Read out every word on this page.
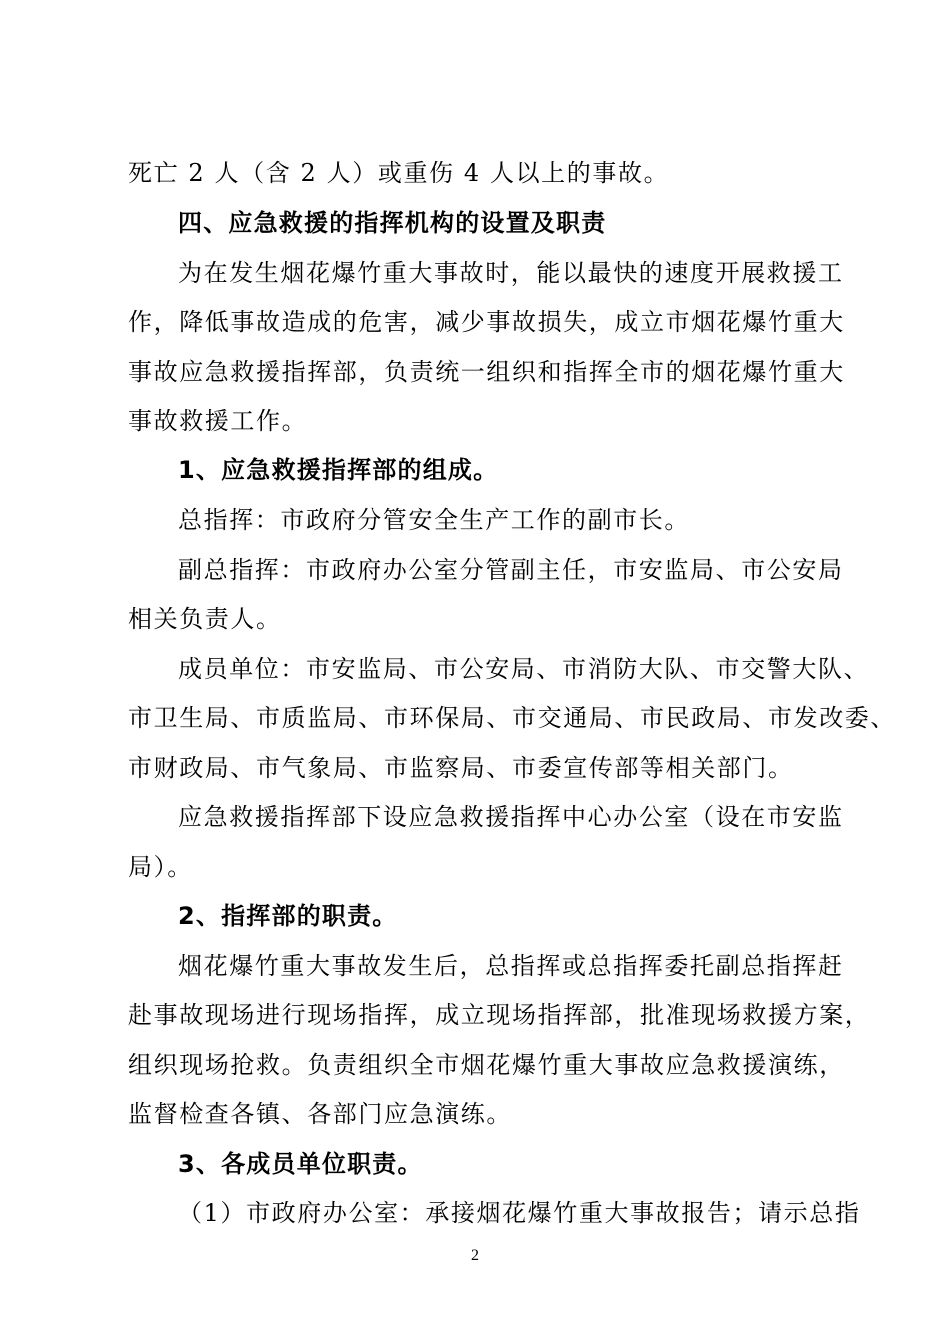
死亡 2 人（含 2 人）或重伤 4 人以上的事故。
四、应急救援的指挥机构的设置及职责
为在发生烟花爆竹重大事故时，能以最快的速度开展救援工
作，降低事故造成的危害，减少事故损失，成立市烟花爆竹重大
事故应急救援指挥部，负责统一组织和指挥全市的烟花爆竹重大
事故救援工作。
1、应急救援指挥部的组成。
总指挥：市政府分管安全生产工作的副市长。
副总指挥：市政府办公室分管副主任，市安监局、市公安局
相关负责人。
成员单位：市安监局、市公安局、市消防大队、市交警大队、
市卫生局、市质监局、市环保局、市交通局、市民政局、市发改委、
市财政局、市气象局、市监察局、市委宣传部等相关部门。
应急救援指挥部下设应急救援指挥中心办公室（设在市安监
局）。
2、指挥部的职责。
烟花爆竹重大事故发生后，总指挥或总指挥委托副总指挥赶
赴事故现场进行现场指挥，成立现场指挥部，批准现场救援方案，
组织现场抢救。负责组织全市烟花爆竹重大事故应急救援演练，
监督检查各镇、各部门应急演练。
3、各成员单位职责。
（1）市政府办公室：承接烟花爆竹重大事故报告；请示总指
2
